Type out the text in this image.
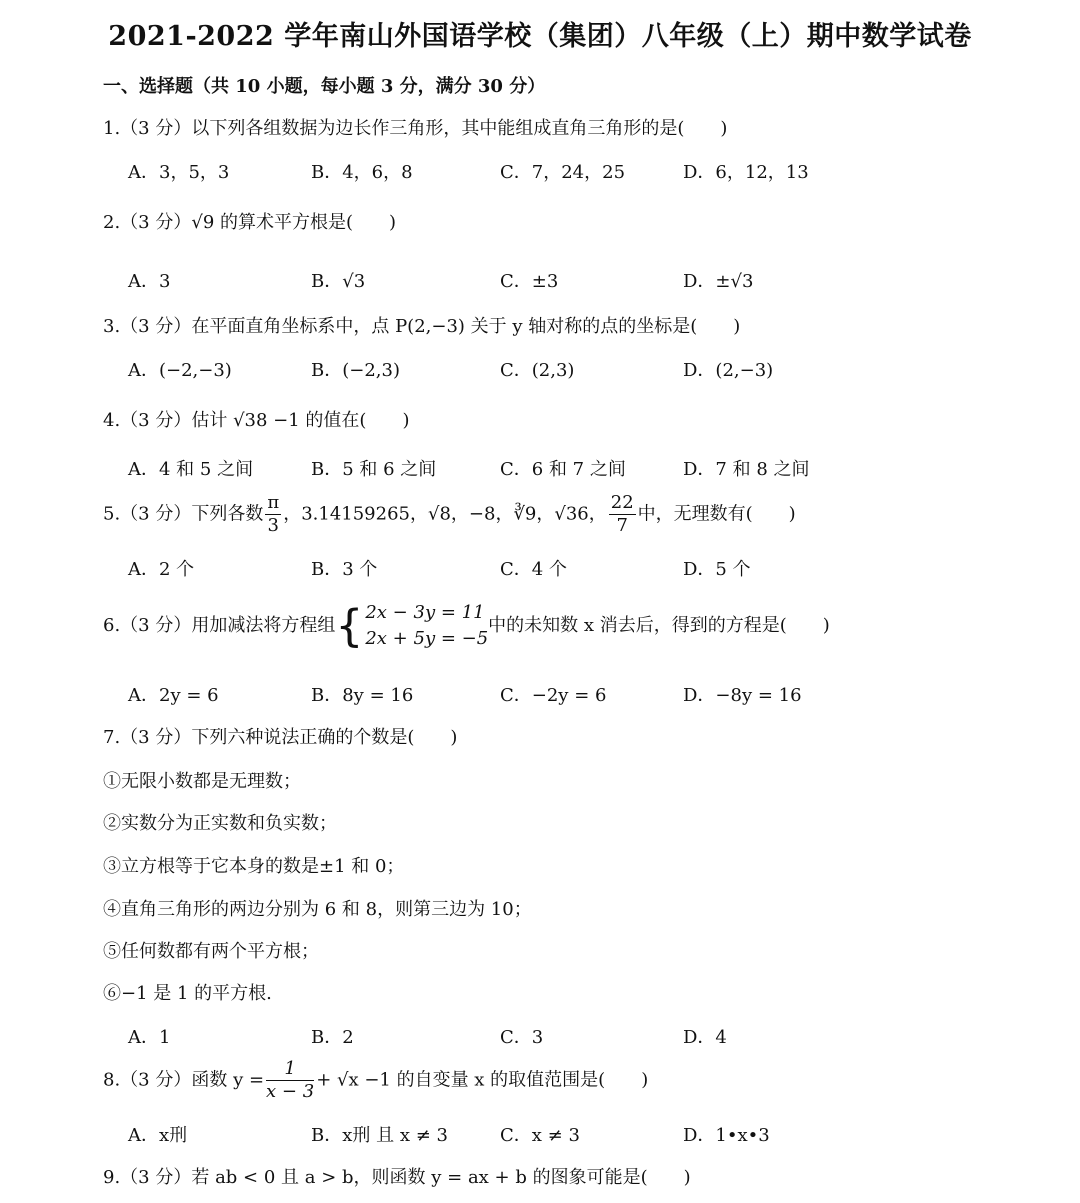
2021-2022 学年南山外国语学校（集团）八年级（上）期中数学试卷
一、选择题（共 10 小题，每小题 3 分，满分 30 分）
1.（3 分）以下列各组数据为边长作三角形，其中能组成直角三角形的是(　　)
A．3，5，3	B．4，6，8	C．7，24，25	D．6，12，13
2.（3 分）√9 的算术平方根是(　　)
A．3	B．√3	C．±3	D．±√3
3.（3 分）在平面直角坐标系中，点 P(2,−3) 关于 y 轴对称的点的坐标是(　　)
A．(−2,−3)	B．(−2,3)	C．(2,3)	D．(2,−3)
4.（3 分）估计 √38 −1 的值在(　　)
A．4 和 5 之间	B．5 和 6 之间	C．6 和 7 之间	D．7 和 8 之间
5.（3 分）下列各数 $\frac{\pi}{3}$ ，3.14159265，√8，−8，∛9，√36， $\frac{22}{7}$ 中，无理数有(　　)
A．2 个	B．3 个	C．4 个	D．5 个
6.（3 分）用加减法将方程组{ 2x − 3y = 11
2x + 5y = −5
中的未知数 x 消去后，得到的方程是(　　)
A．2y = 6	B．8y = 16	C．−2y = 6	D．−8y = 16
7.（3 分）下列六种说法正确的个数是(　　)
①无限小数都是无理数；
②实数分为正实数和负实数；
③立方根等于它本身的数是±1 和 0；
④直角三角形的两边分别为 6 和 8，则第三边为 10；
⑤任何数都有两个平方根；
⑥−1 是 1 的平方根.
A．1	B．2	C．3	D．4
8.（3 分）函数 $y = \frac{1}{x - 3} + √x -1$ 的自变量 x 的取值范围是(　　)
A．x刑	B．x刑 且 x ≠ 3	C．x ≠ 3	D．1•x•3
9.（3 分）若 ab < 0 且 a > b，则函数 y = ax + b 的图象可能是(　　)
